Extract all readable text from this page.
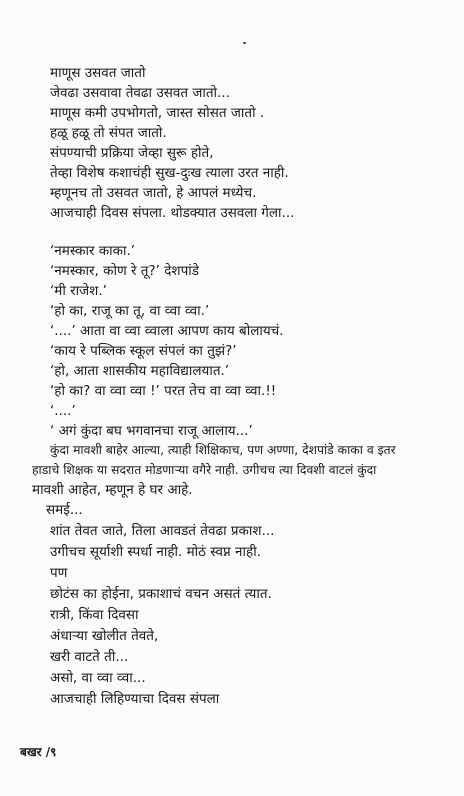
माणूस उसवत जातो
जेवढा उसवावा तेवढा उसवत जातो...
माणूस कमी उपभोगतो, जास्त सोसत जातो .
हळू हळू तो संपत जातो.
संपण्याची प्रक्रिया जेव्हा सुरू होते,
तेव्हा विशेष कशाचंही सुख-दुःख त्याला उरत नाही.
म्हणूनच तो उसवत जातो, हे आपलं मध्येच.
आजचाही दिवस संपला. थोडक्यात उसवला गेला...
‘नमस्कार काका.’
‘नमस्कार, कोण रे तू?’ देशपांडे
‘मी राजेश.’
‘हो का, राजू का तू, वा व्वा व्वा.’
‘....’ आता वा व्वा व्वाला आपण काय बोलायचं.
‘काय रे पब्लिक स्कूल संपलं का तुझं?’
‘हो, आता शासकीय महाविद्यालयात.’
‘हो का? वा व्वा व्वा !’ परत तेच वा व्वा व्वा.!!
‘....’
‘ अगं कुंदा बघ भगवानचा राजू आलाय...’
कुंदा मावशी बाहेर आल्या, त्याही शिक्षिकाच, पण अण्णा, देशपांडे काका व इतर
हाडाचे शिक्षक या सदरात मोडणाऱ्या वगैरे नाही. उगीचच त्या दिवशी वाटलं कुंदा
मावशी आहेत, म्हणून हे घर आहे.
समई...
शांत तेवत जाते, तिला आवडतं तेवढा प्रकाश...
उगीचच सूर्याशी स्पर्धा नाही. मोठं स्वप्न नाही.
पण
छोटंस का होईना, प्रकाशाचं वचन असतं त्यात.
रात्री, किंवा दिवसा
अंधाऱ्या खोलीत तेवते,
खरी वाटते ती...
असो, वा व्वा व्वा...
आजचाही लिहिण्याचा दिवस संपला
बखर /९
